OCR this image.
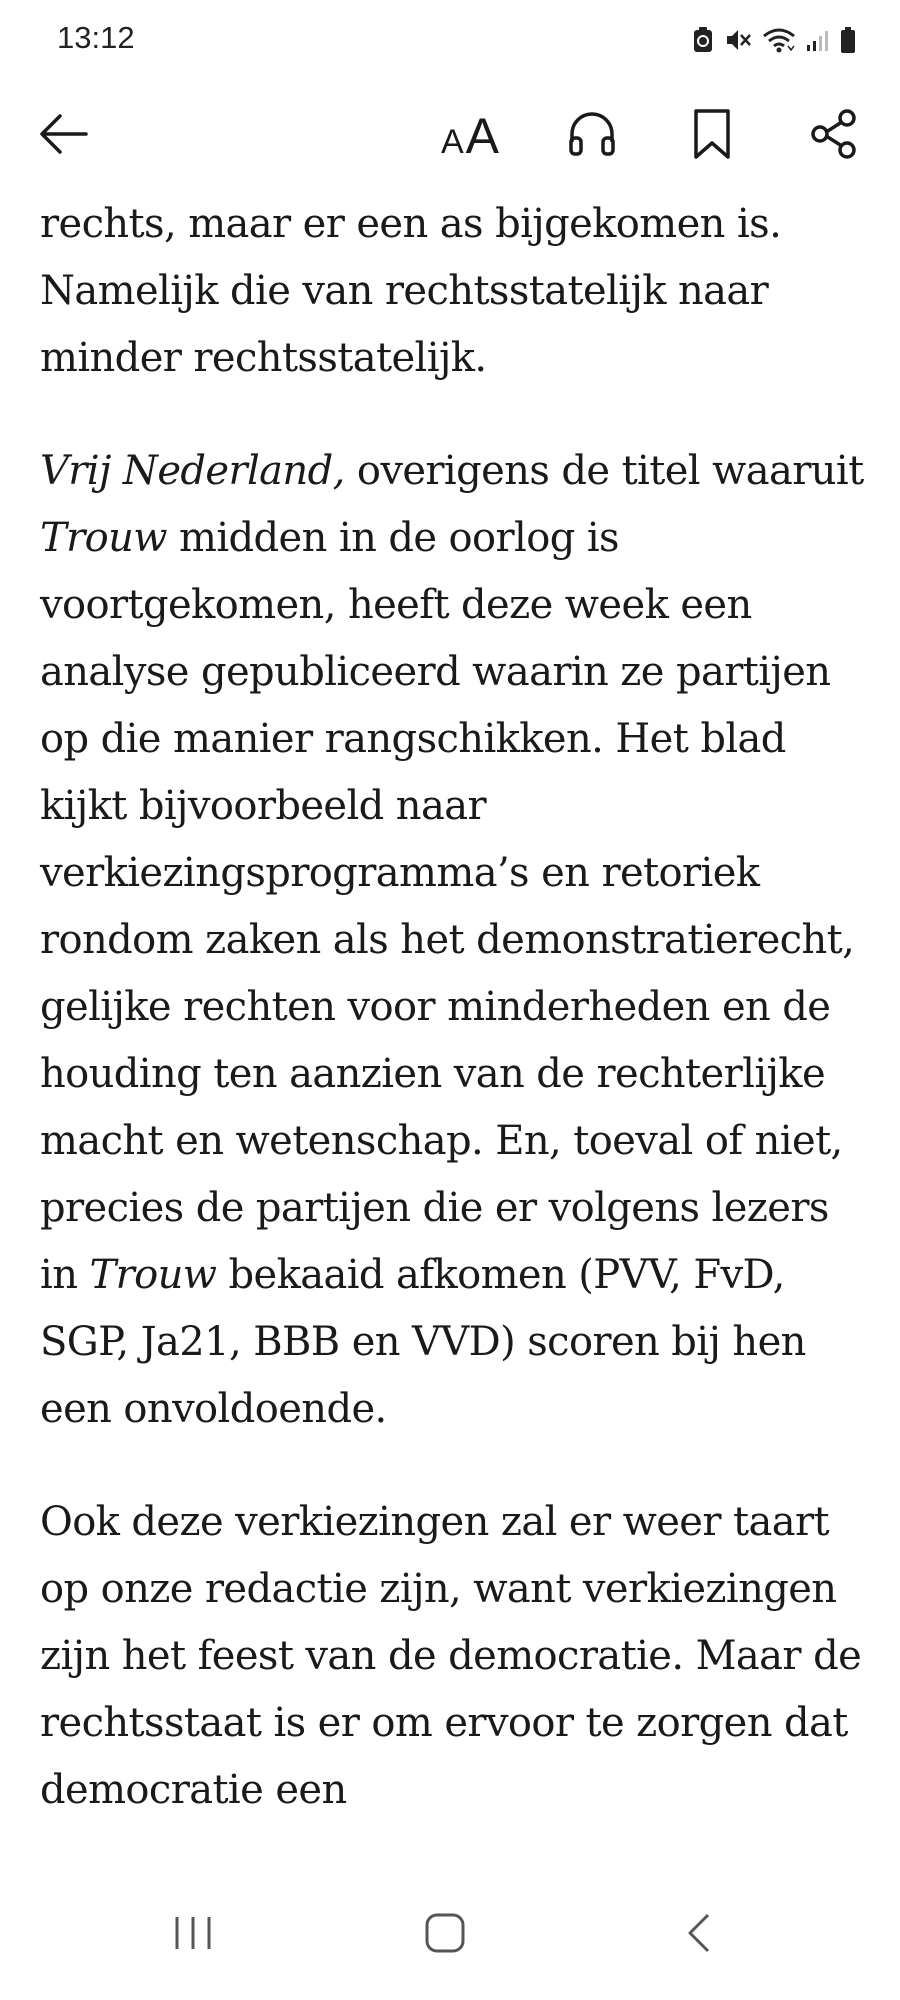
13:12
A A

rechts, maar er een as bijgekomen is. Namelijk die van rechtsstatelijk naar minder rechtsstatelijk.

Vrij Nederland, overigens de titel waaruit Trouw midden in de oorlog is voortgekomen, heeft deze week een analyse gepubliceerd waarin ze partijen op die manier rangschikken. Het blad kijkt bijvoorbeeld naar verkiezingsprogramma’s en retoriek rondom zaken als het demonstratierecht, gelijke rechten voor minderheden en de houding ten aanzien van de rechterlijke macht en wetenschap. En, toeval of niet, precies de partijen die er volgens lezers in Trouw bekaaid afkomen (PVV, FvD, SGP, Ja21, BBB en VVD) scoren bij hen een onvoldoende.

Ook deze verkiezingen zal er weer taart op onze redactie zijn, want verkiezingen zijn het feest van de democratie. Maar de rechtsstaat is er om ervoor te zorgen dat democratie een
